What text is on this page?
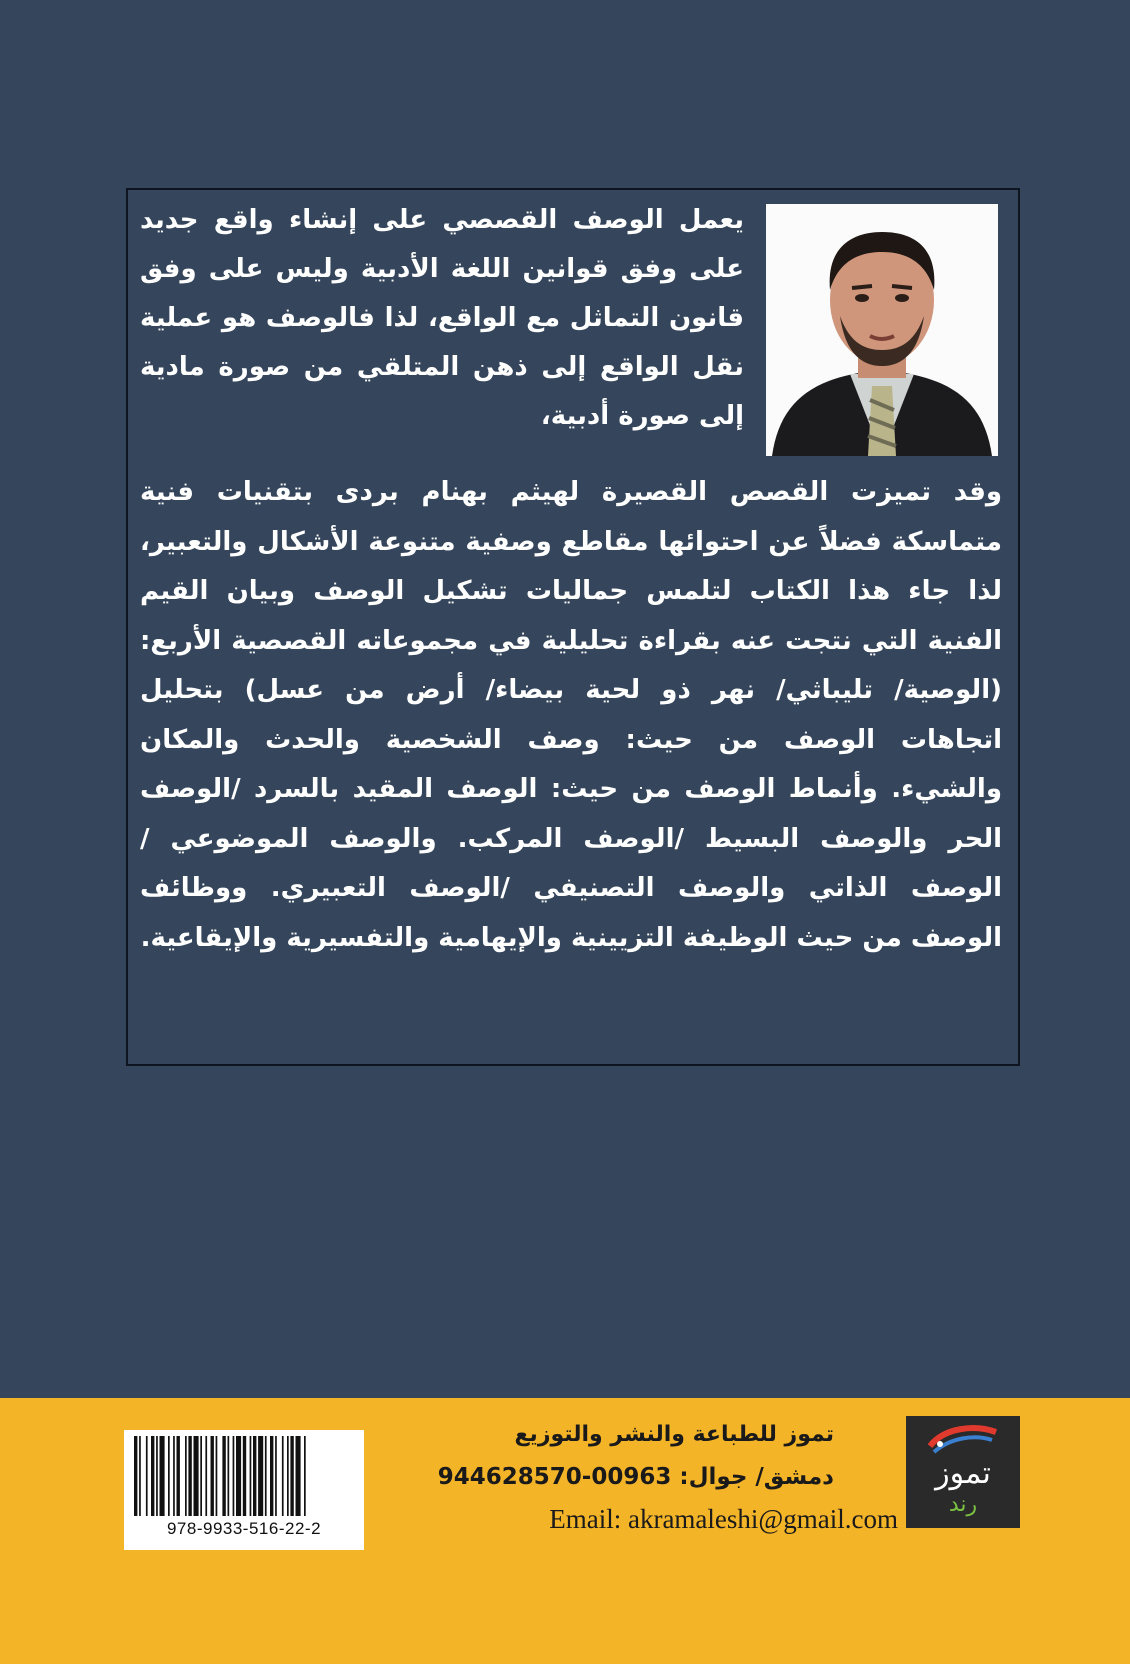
يعمل الوصف القصصي على إنشاء واقع جديد على وفق قوانين اللغة الأدبية وليس على وفق قانون التماثل مع الواقع، لذا فالوصف هو عملية نقل الواقع إلى ذهن المتلقي من صورة مادية إلى صورة أدبية،

وقد تميزت القصص القصيرة لهيثم بهنام بردى بتقنيات فنية متماسكة فضلاً عن احتوائها مقاطع وصفية متنوعة الأشكال والتعبير، لذا جاء هذا الكتاب لتلمس جماليات تشكيل الوصف وبيان القيم الفنية التي نتجت عنه بقراءة تحليلية في مجموعاته القصصية الأربع: (الوصية/ تليباثي/ نهر ذو لحية بيضاء/ أرض من عسل) بتحليل اتجاهات الوصف من حيث: وصف الشخصية والحدث والمكان والشيء. وأنماط الوصف من حيث: الوصف المقيد بالسرد /الوصف الحر والوصف البسيط /الوصف المركب. والوصف الموضوعي /الوصف الذاتي والوصف التصنيفي /الوصف التعبيري. ووظائف الوصف من حيث الوظيفة التزيينية والإيهامية والتفسيرية والإيقاعية.

978-9933-516-22-2
تموز للطباعة والنشر والتوزيع
دمشق/ جوال: 00963-944628570
Email: akramaleshi@gmail.com
تموز
رند
